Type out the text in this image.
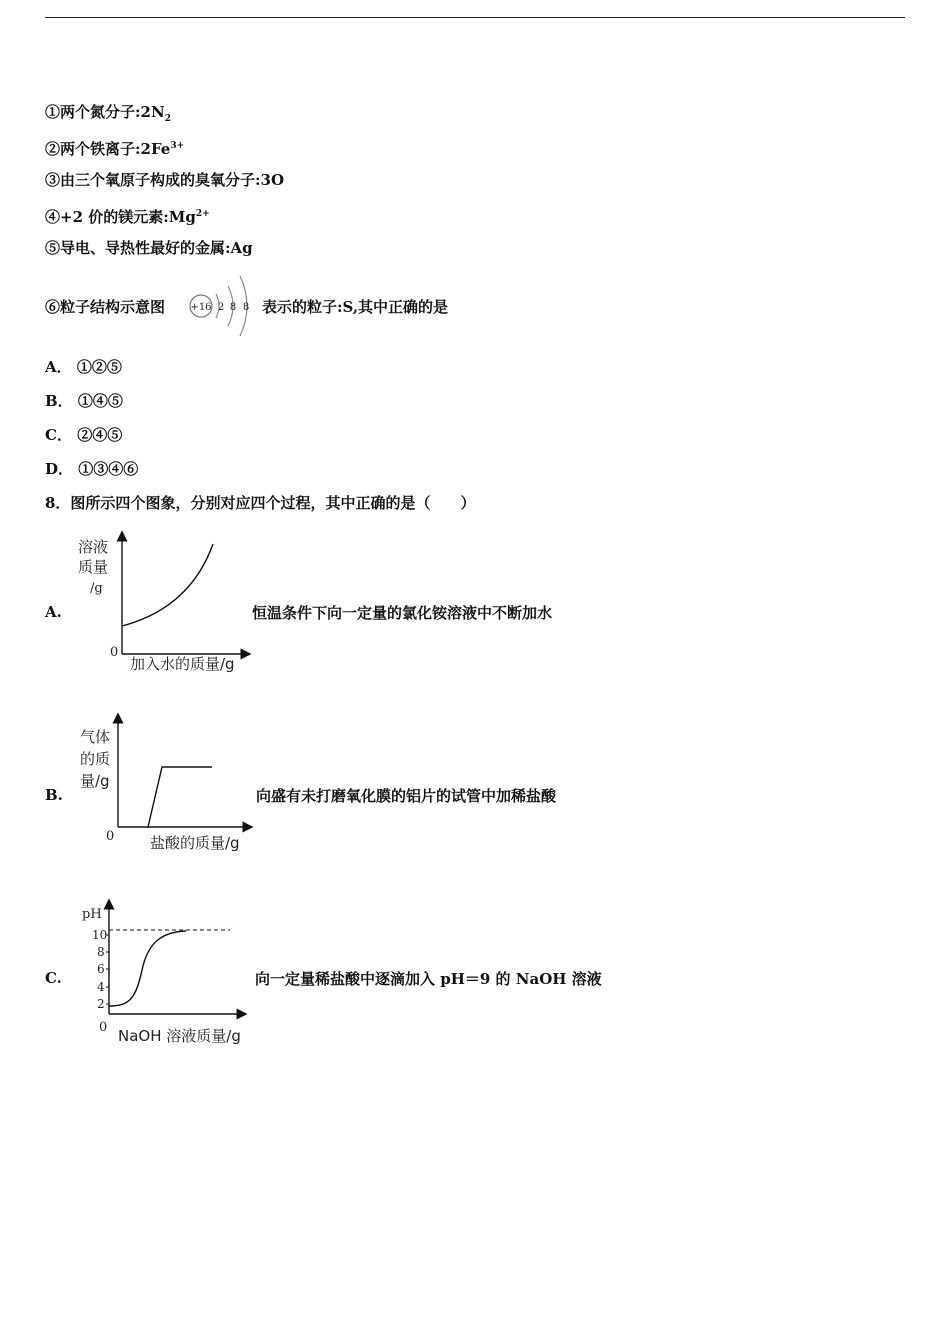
①两个氮分子$:2N_2$
②两个铁离子$:2Fe^{3+}$
③由三个氧原子构成的臭氧分子:3O
④+2 价的镁元素$:Mg^{2+}$
⑤导电、导热性最好的金属:Ag
⑥粒子结构示意图	+16 2 8 8 表示的粒子:S,其中正确的是
A． ①②⑤
B． ①④⑤
C． ②④⑤
D． ①③④⑥
8．图所示四个图象，分别对应四个过程，其中正确的是（　　）
A.
溶液
质量
/g
0
加入水的质量/g
恒温条件下向一定量的氯化铵溶液中不断加水
B.
气体
的质
量/g
0 盐酸的质量/g
向盛有未打磨氧化膜的铝片的试管中加稀盐酸
C.
pH
10
8
6
4
2
0 NaOH 溶液质量/g
向一定量稀盐酸中逐滴加入 pH＝9 的 NaOH 溶液
